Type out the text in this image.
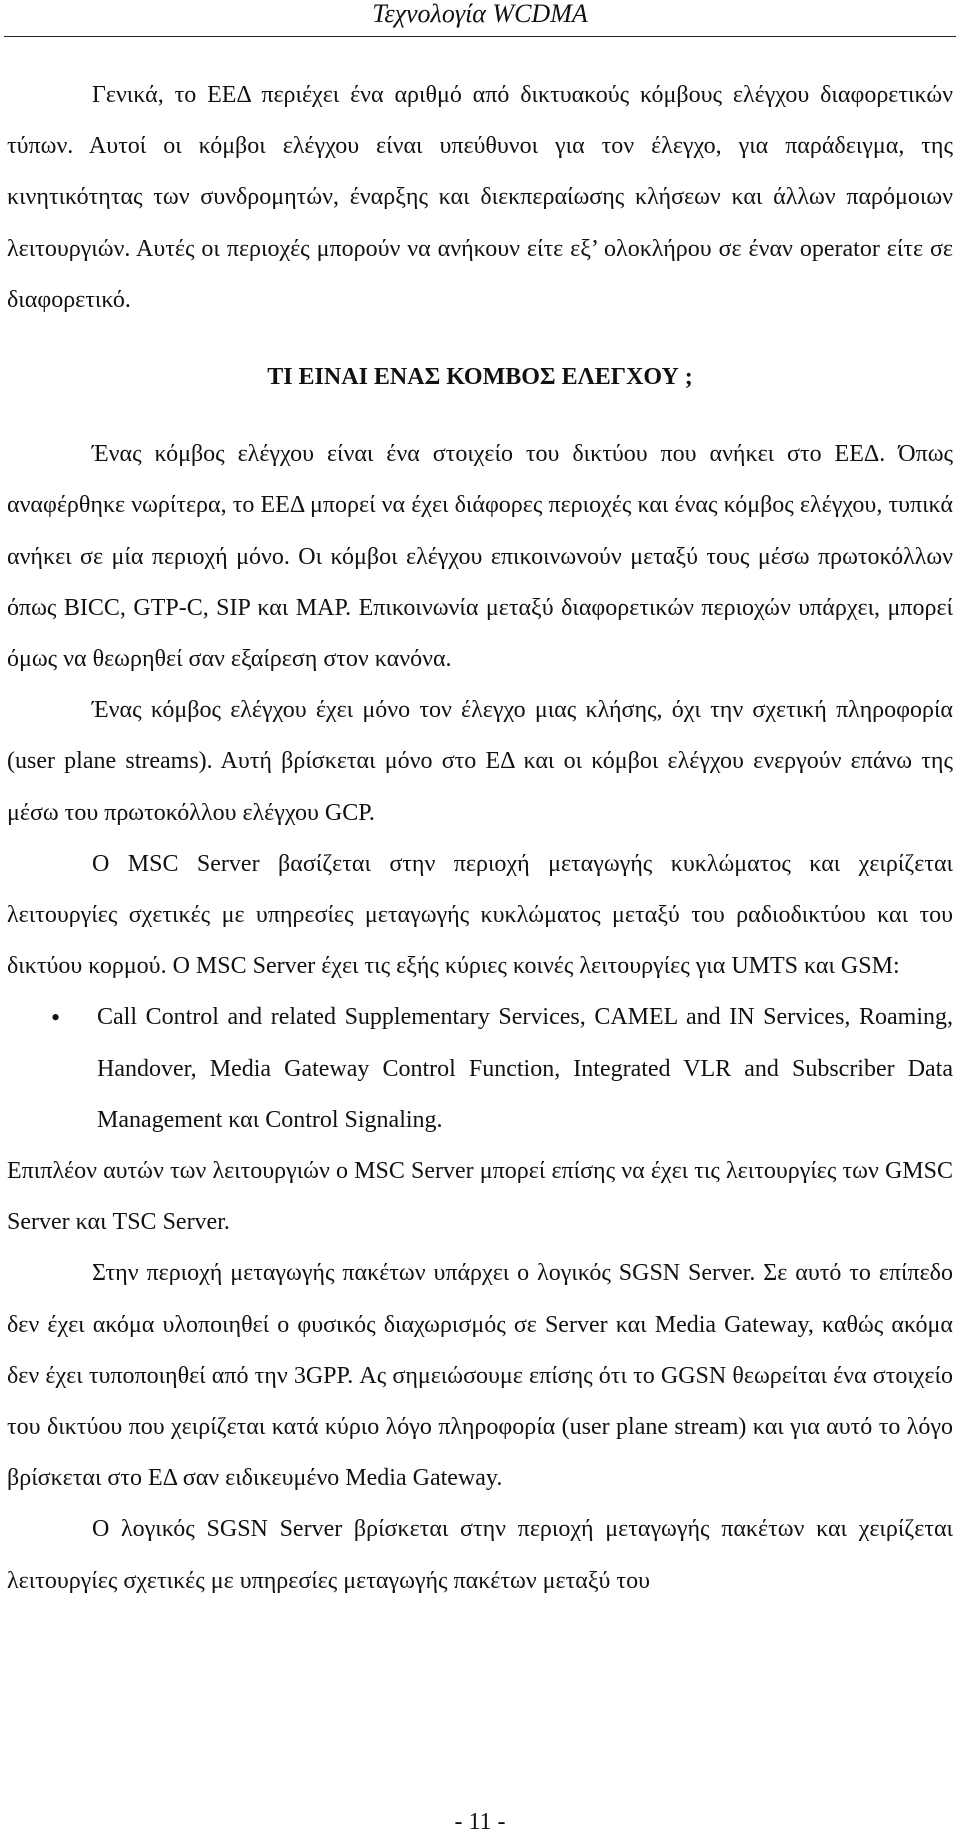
Τεχνολογία WCDMA

Γενικά, το ΕΕΔ περιέχει ένα αριθμό από δικτυακούς κόμβους ελέγχου διαφορετικών τύπων. Αυτοί οι κόμβοι ελέγχου είναι υπεύθυνοι για τον έλεγχο, για παράδειγμα, της κινητικότητας των συνδρομητών, έναρξης και διεκπεραίωσης κλήσεων και άλλων παρόμοιων λειτουργιών. Αυτές οι περιοχές μπορούν να ανήκουν είτε εξ’ ολοκλήρου σε έναν operator είτε σε διαφορετικό.

ΤΙ ΕΙΝΑΙ ΕΝΑΣ ΚΟΜΒΟΣ ΕΛΕΓΧΟΥ ;

Ένας κόμβος ελέγχου είναι ένα στοιχείο του δικτύου που ανήκει στο ΕΕΔ. Όπως αναφέρθηκε νωρίτερα, το ΕΕΔ μπορεί να έχει διάφορες περιοχές και ένας κόμβος ελέγχου, τυπικά ανήκει σε μία περιοχή μόνο. Οι κόμβοι ελέγχου επικοινωνούν μεταξύ τους μέσω πρωτοκόλλων όπως BICC, GTP-C, SIP και MAP. Επικοινωνία μεταξύ διαφορετικών περιοχών υπάρχει, μπορεί όμως να θεωρηθεί σαν εξαίρεση στον κανόνα.

Ένας κόμβος ελέγχου έχει μόνο τον έλεγχο μιας κλήσης, όχι την σχετική πληροφορία (user plane streams). Αυτή βρίσκεται μόνο στο ΕΔ και οι κόμβοι ελέγχου ενεργούν επάνω της μέσω του πρωτοκόλλου ελέγχου GCP.

Ο MSC Server βασίζεται στην περιοχή μεταγωγής κυκλώματος και χειρίζεται λειτουργίες σχετικές με υπηρεσίες μεταγωγής κυκλώματος μεταξύ του ραδιοδικτύου και του δικτύου κορμού. Ο MSC Server έχει τις εξής κύριες κοινές λειτουργίες για UMTS και GSM:

• Call Control and related Supplementary Services, CAMEL and IN Services, Roaming, Handover, Media Gateway Control Function, Integrated VLR and Subscriber Data Management και Control Signaling.

Επιπλέον αυτών των λειτουργιών ο MSC Server μπορεί επίσης να έχει τις λειτουργίες των GMSC Server και TSC Server.

Στην περιοχή μεταγωγής πακέτων υπάρχει ο λογικός SGSN Server. Σε αυτό το επίπεδο δεν έχει ακόμα υλοποιηθεί ο φυσικός διαχωρισμός σε Server και Media Gateway, καθώς ακόμα δεν έχει τυποποιηθεί από την 3GPP. Ας σημειώσουμε επίσης ότι το GGSN θεωρείται ένα στοιχείο του δικτύου που χειρίζεται κατά κύριο λόγο πληροφορία (user plane stream) και για αυτό το λόγο βρίσκεται στο ΕΔ σαν ειδικευμένο Media Gateway.

Ο λογικός SGSN Server βρίσκεται στην περιοχή μεταγωγής πακέτων και χειρίζεται λειτουργίες σχετικές με υπηρεσίες μεταγωγής πακέτων μεταξύ του

- 11 -
